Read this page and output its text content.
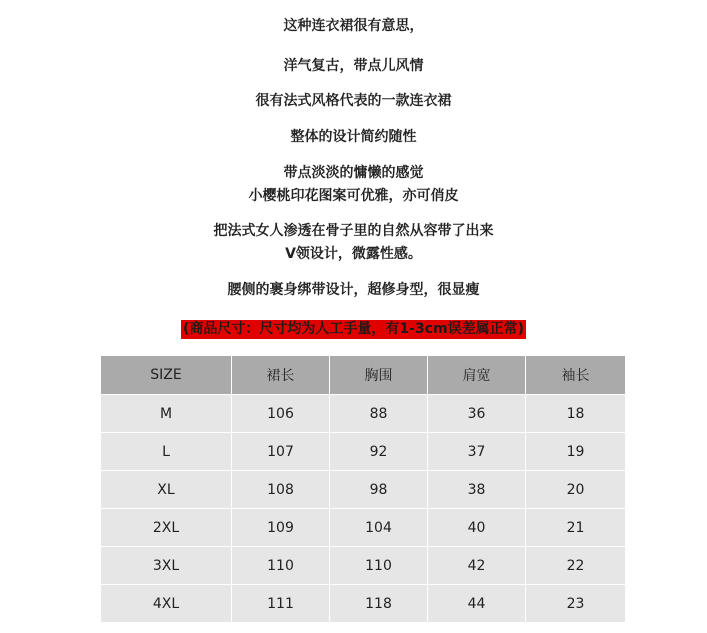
这种连衣裙很有意思，
洋气复古，带点儿风情
很有法式风格代表的一款连衣裙
整体的设计简约随性
带点淡淡的慵懒的感觉
小樱桃印花图案可优雅，亦可俏皮
把法式女人渗透在骨子里的自然从容带了出来
V领设计，微露性感。
腰侧的裹身绑带设计，超修身型，很显瘦
(商品尺寸：尺寸均为人工手量，有1-3cm误差属正常)
SIZE	裙长	胸围	肩宽	袖长
M	106	88	36	18
L	107	92	37	19
XL	108	98	38	20
2XL	109	104	40	21
3XL	110	110	42	22
4XL	111	118	44	23
